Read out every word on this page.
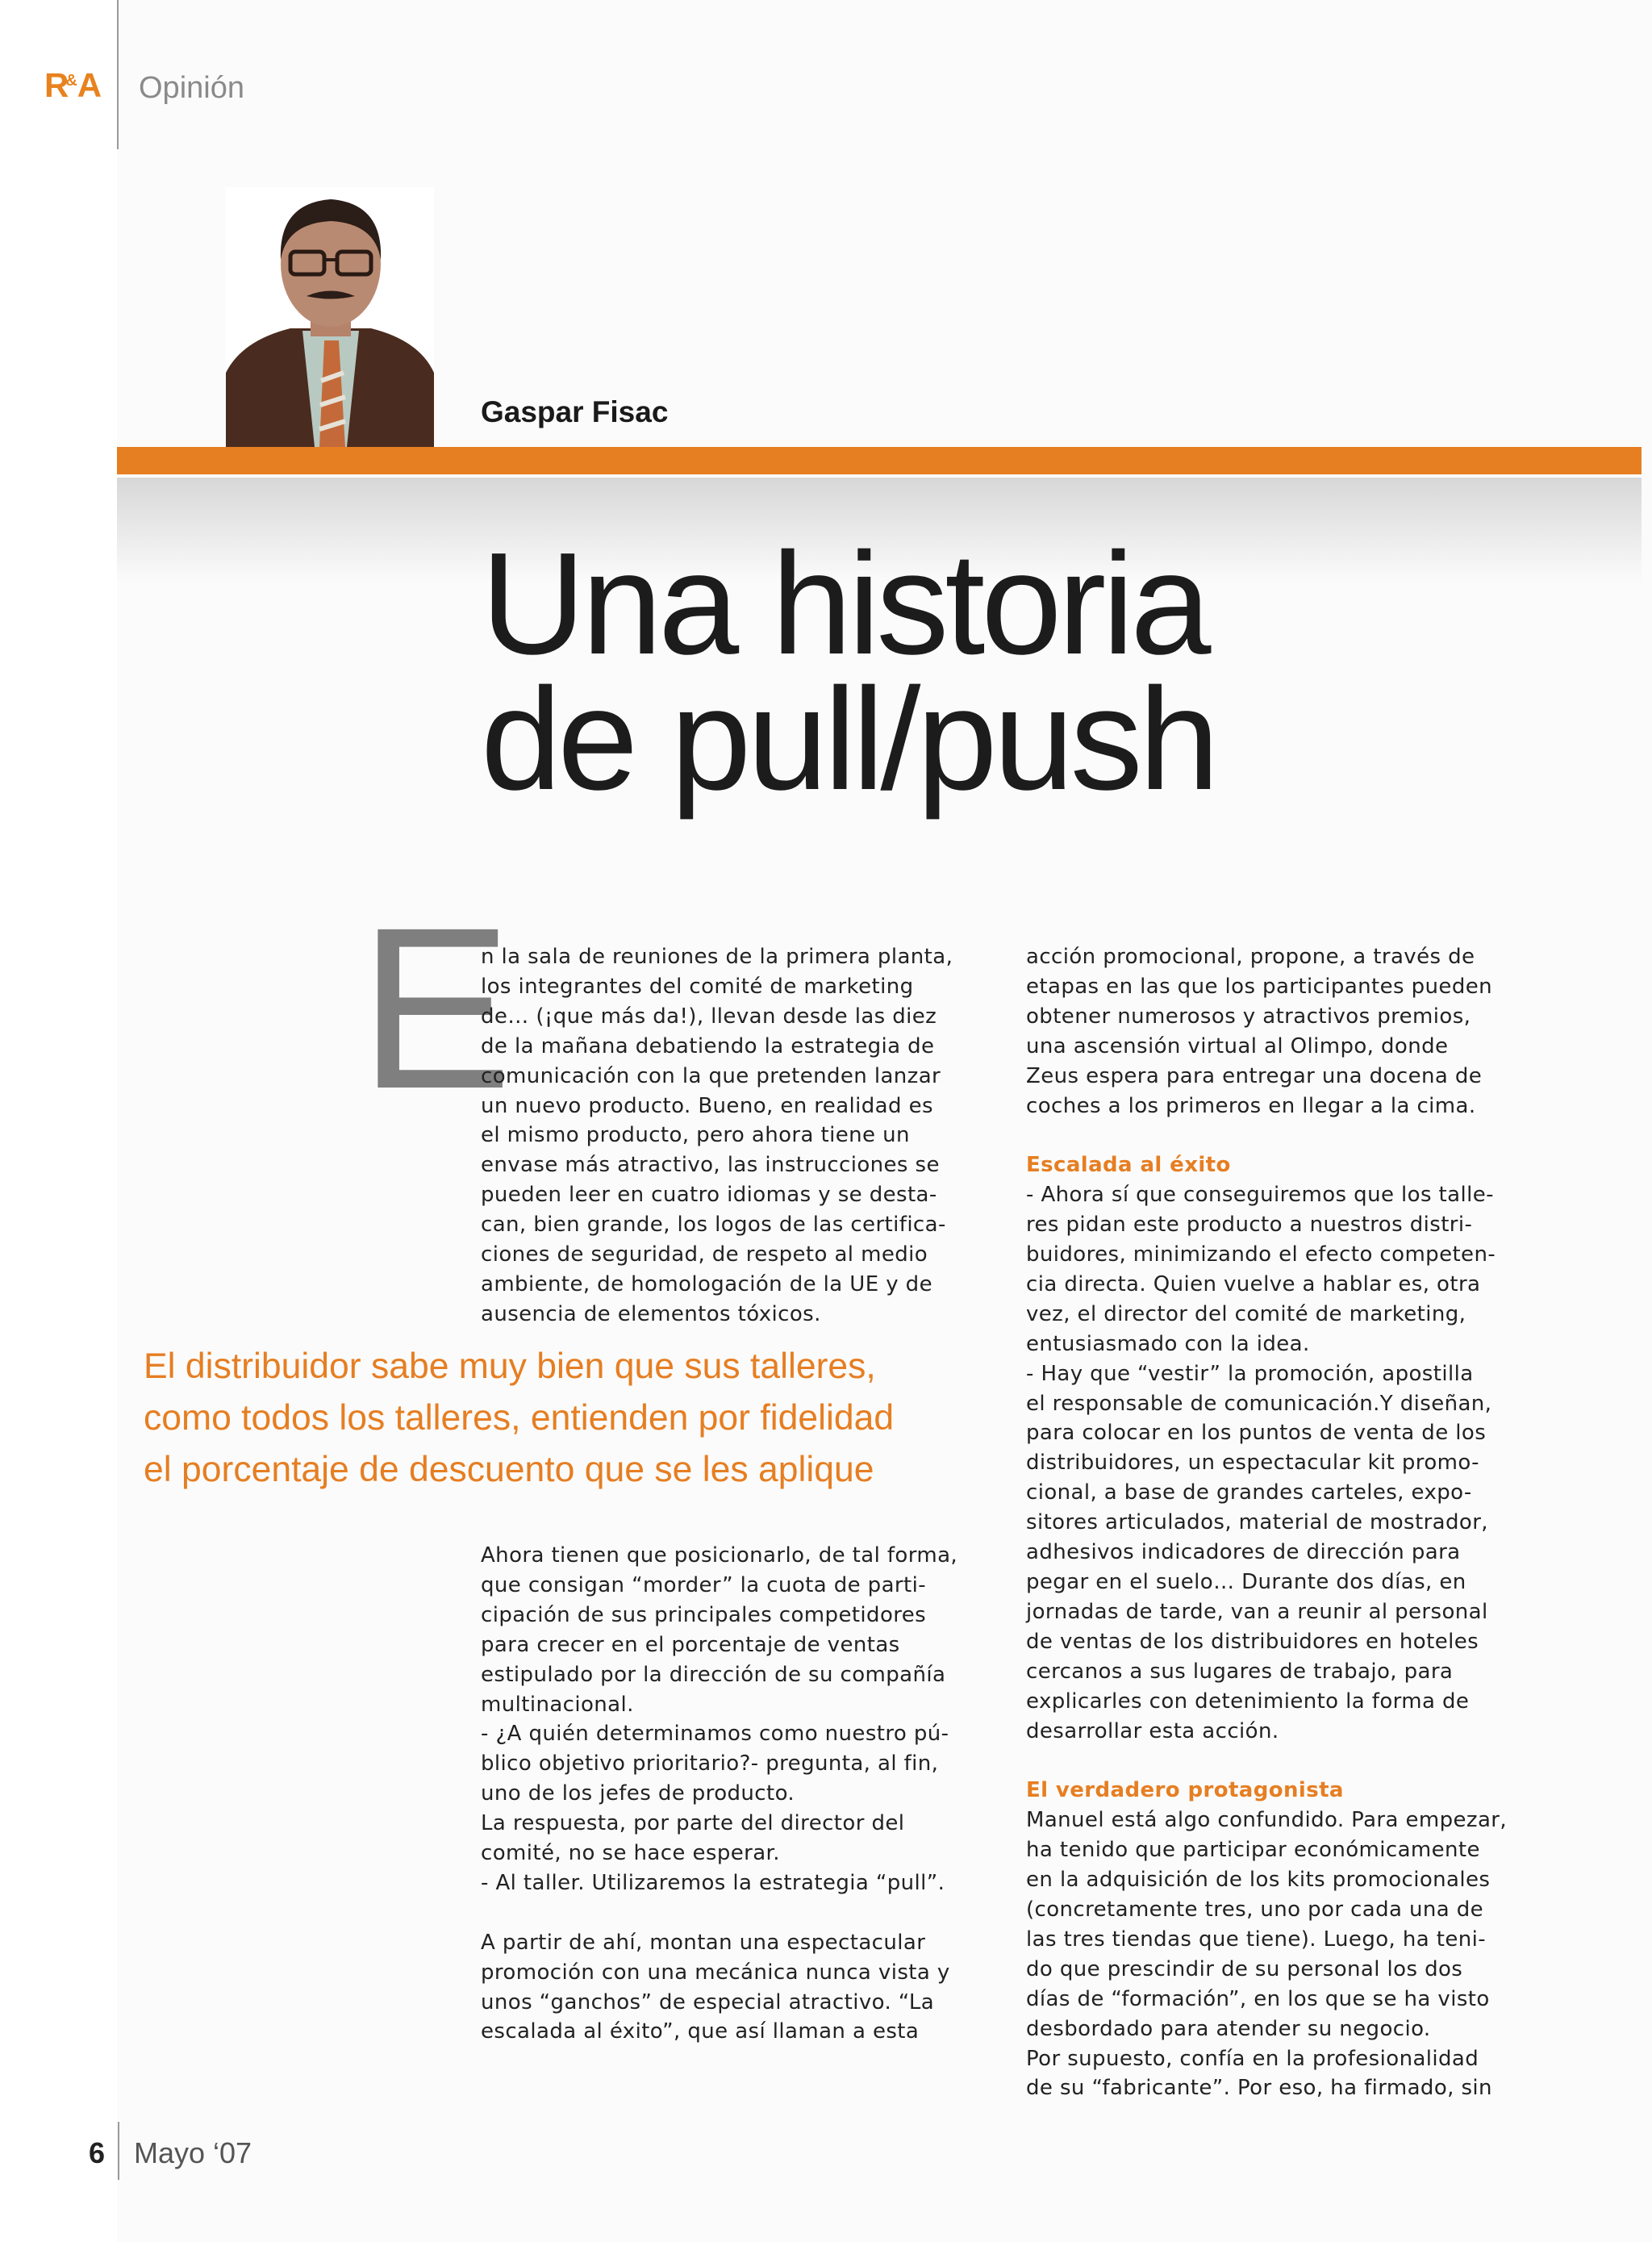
R&A Opinión
Gaspar Fisac
Una historia
de pull/push
E

n la sala de reuniones de la primera planta,
los integrantes del comité de marketing
de… (¡que más da!), llevan desde las diez
de la mañana debatiendo la estrategia de
comunicación con la que pretenden lanzar
un nuevo producto. Bueno, en realidad es
el mismo producto, pero ahora tiene un
envase más atractivo, las instrucciones se
pueden leer en cuatro idiomas y se desta-
can, bien grande, los logos de las certifica-
ciones de seguridad, de respeto al medio
ambiente, de homologación de la UE y de
ausencia de elementos tóxicos.

El distribuidor sabe muy bien que sus talleres,
como todos los talleres, entienden por fidelidad
el porcentaje de descuento que se les aplique

Ahora tienen que posicionarlo, de tal forma,
que consigan “morder” la cuota de parti-
cipación de sus principales competidores
para crecer en el porcentaje de ventas
estipulado por la dirección de su compañía
multinacional.
- ¿A quién determinamos como nuestro pú-
blico objetivo prioritario?- pregunta, al fin,
uno de los jefes de producto.
La respuesta, por parte del director del
comité, no se hace esperar.
- Al taller. Utilizaremos la estrategia “pull”.

A partir de ahí, montan una espectacular
promoción con una mecánica nunca vista y
unos “ganchos” de especial atractivo. “La
escalada al éxito”, que así llaman a esta

acción promocional, propone, a través de
etapas en las que los participantes pueden
obtener numerosos y atractivos premios,
una ascensión virtual al Olimpo, donde
Zeus espera para entregar una docena de
coches a los primeros en llegar a la cima.

Escalada al éxito

- Ahora sí que conseguiremos que los talle-
res pidan este producto a nuestros distri-
buidores, minimizando el efecto competen-
cia directa. Quien vuelve a hablar es, otra
vez, el director del comité de marketing,
entusiasmado con la idea.
- Hay que “vestir” la promoción, apostilla
el responsable de comunicación.Y diseñan,
para colocar en los puntos de venta de los
distribuidores, un espectacular kit promo-
cional, a base de grandes carteles, expo-
sitores articulados, material de mostrador,
adhesivos indicadores de dirección para
pegar en el suelo… Durante dos días, en
jornadas de tarde, van a reunir al personal
de ventas de los distribuidores en hoteles
cercanos a sus lugares de trabajo, para
explicarles con detenimiento la forma de
desarrollar esta acción.

El verdadero protagonista

Manuel está algo confundido. Para empezar,
ha tenido que participar económicamente
en la adquisición de los kits promocionales
(concretamente tres, uno por cada una de
las tres tiendas que tiene). Luego, ha teni-
do que prescindir de su personal los dos
días de “formación”, en los que se ha visto
desbordado para atender su negocio.
Por supuesto, confía en la profesionalidad
de su “fabricante”. Por eso, ha firmado, sin

6 Mayo ‘07
